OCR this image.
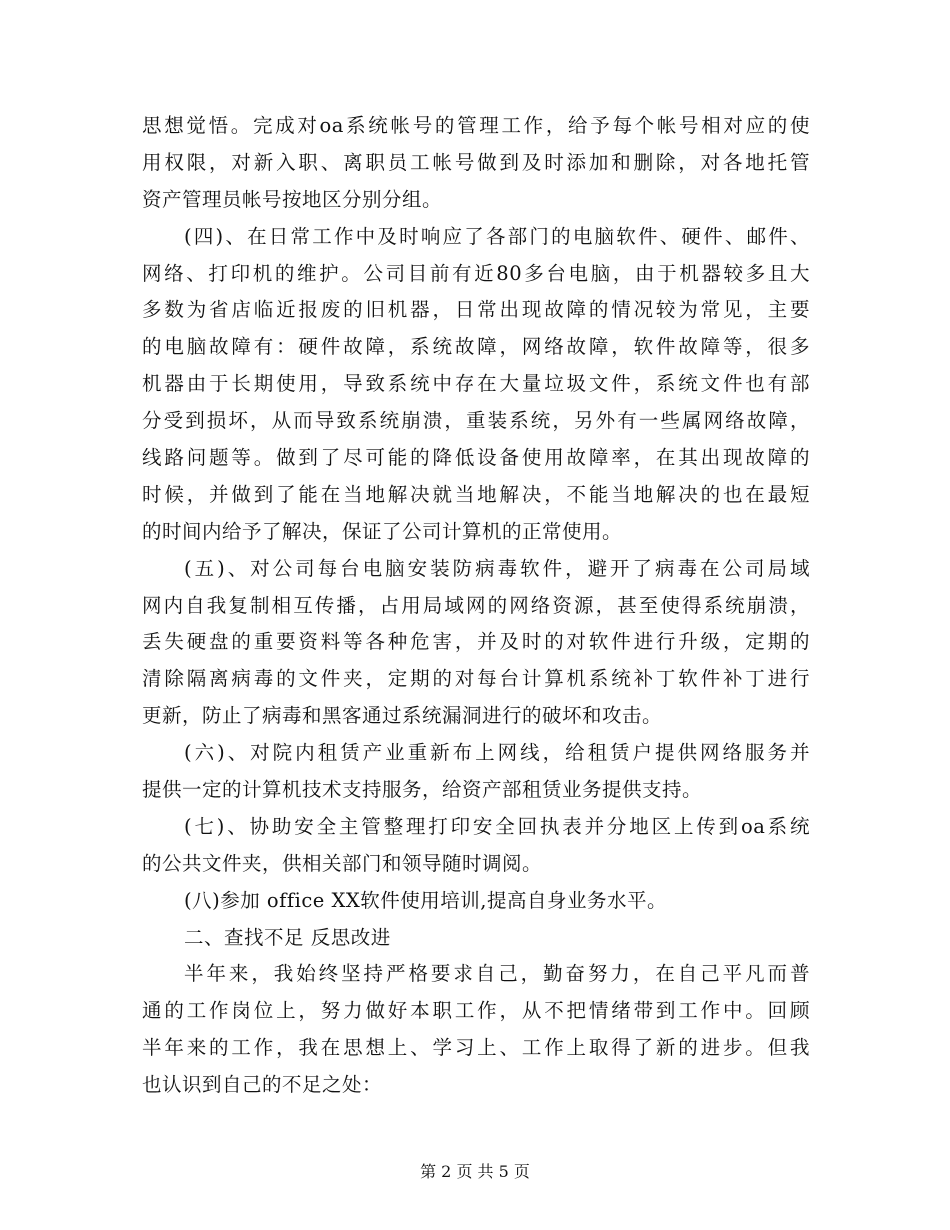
思想觉悟。完成对oa系统帐号的管理工作，给予每个帐号相对应的使
用权限，对新入职、离职员工帐号做到及时添加和删除，对各地托管
资产管理员帐号按地区分别分组。
(四)、在日常工作中及时响应了各部门的电脑软件、硬件、邮件、
网络、打印机的维护。公司目前有近80多台电脑，由于机器较多且大
多数为省店临近报废的旧机器，日常出现故障的情况较为常见，主要
的电脑故障有：硬件故障，系统故障，网络故障，软件故障等，很多
机器由于长期使用，导致系统中存在大量垃圾文件，系统文件也有部
分受到损坏，从而导致系统崩溃，重装系统，另外有一些属网络故障，
线路问题等。做到了尽可能的降低设备使用故障率，在其出现故障的
时候，并做到了能在当地解决就当地解决，不能当地解决的也在最短
的时间内给予了解决，保证了公司计算机的正常使用。
(五)、对公司每台电脑安装防病毒软件，避开了病毒在公司局域
网内自我复制相互传播，占用局域网的网络资源，甚至使得系统崩溃，
丢失硬盘的重要资料等各种危害，并及时的对软件进行升级，定期的
清除隔离病毒的文件夹，定期的对每台计算机系统补丁软件补丁进行
更新，防止了病毒和黑客通过系统漏洞进行的破坏和攻击。
(六)、对院内租赁产业重新布上网线，给租赁户提供网络服务并
提供一定的计算机技术支持服务，给资产部租赁业务提供支持。
(七)、协助安全主管整理打印安全回执表并分地区上传到oa系统
的公共文件夹，供相关部门和领导随时调阅。
(八)参加 office XX软件使用培训,提高自身业务水平。
二、查找不足 反思改进
半年来，我始终坚持严格要求自己，勤奋努力，在自己平凡而普
通的工作岗位上，努力做好本职工作，从不把情绪带到工作中。回顾
半年来的工作，我在思想上、学习上、工作上取得了新的进步。但我
也认识到自己的不足之处：
第 2 页 共 5 页
